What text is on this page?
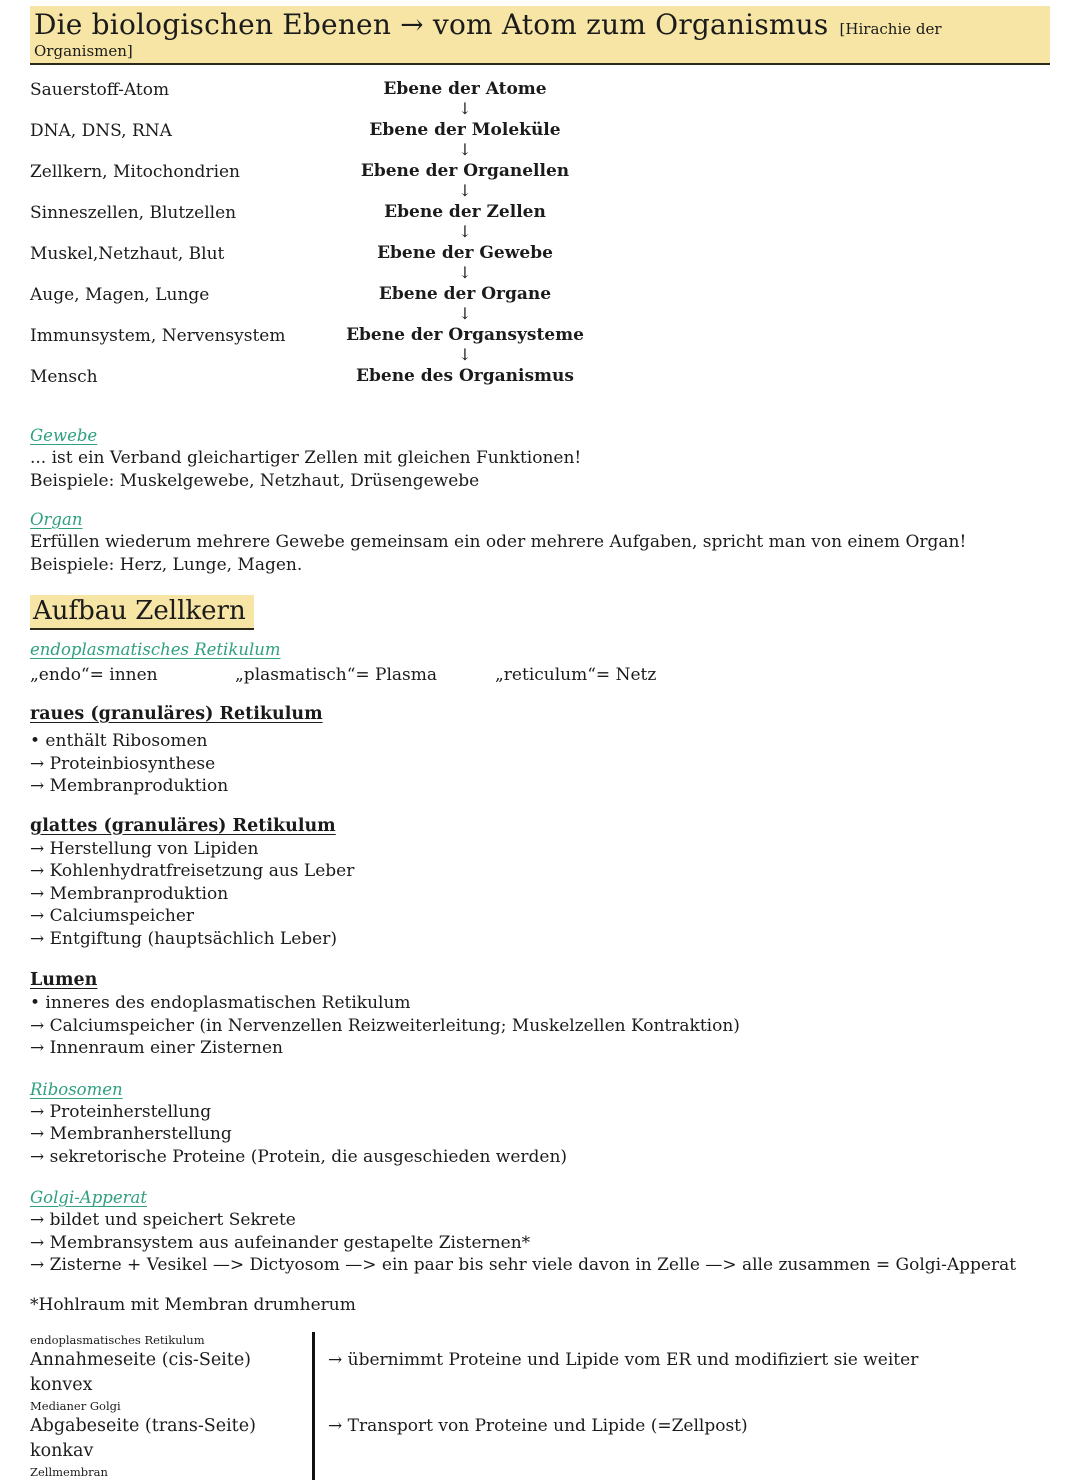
Die biologischen Ebenen → vom Atom zum Organismus [Hirachie der Organismen]
Sauerstoff-Atom
DNA, DNS, RNA
Zellkern, Mitochondrien
Sinneszellen, Blutzellen
Muskel,Netzhaut, Blut
Auge, Magen, Lunge
Immunsystem, Nervensystem
Mensch
Ebene der Atome
↓
Ebene der Moleküle
↓
Ebene der Organellen
↓
Ebene der Zellen
↓
Ebene der Gewebe
↓
Ebene der Organe
↓
Ebene der Organsysteme
↓
Ebene des Organismus
Gewebe
... ist ein Verband gleichartiger Zellen mit gleichen Funktionen!
Beispiele: Muskelgewebe, Netzhaut, Drüsengewebe
Organ
Erfüllen wiederum mehrere Gewebe gemeinsam ein oder mehrere Aufgaben, spricht man von einem Organ!
Beispiele: Herz, Lunge, Magen.
Aufbau Zellkern
endoplasmatisches Retikulum
„endo“= innen	„plasmatisch“= Plasma	„reticulum“= Netz
raues (granuläres) Retikulum
• enthält Ribosomen
→ Proteinbiosynthese
→ Membranproduktion
glattes (granuläres) Retikulum
→ Herstellung von Lipiden
→ Kohlenhydratfreisetzung aus Leber
→ Membranproduktion
→ Calciumspeicher
→ Entgiftung (hauptsächlich Leber)
Lumen
• inneres des endoplasmatischen Retikulum
→ Calciumspeicher (in Nervenzellen Reizweiterleitung; Muskelzellen Kontraktion)
→ Innenraum einer Zisternen
Ribosomen
→ Proteinherstellung
→ Membranherstellung
→ sekretorische Proteine (Protein, die ausgeschieden werden)
Golgi-Apperat
→ bildet und speichert Sekrete
→ Membransystem aus aufeinander gestapelte Zisternen*
→ Zisterne + Vesikel —> Dictyosom —> ein paar bis sehr viele davon in Zelle —> alle zusammen = Golgi-Apperat
*Hohlraum mit Membran drumherum
endoplasmatisches Retikulum
Annahmeseite (cis-Seite) konvex
→ übernimmt Proteine und Lipide vom ER und modifiziert sie weiter
Medianer Golgi
Abgabeseite (trans-Seite) konkav
→ Transport von Proteine und Lipide (=Zellpost)
Zellmembran
